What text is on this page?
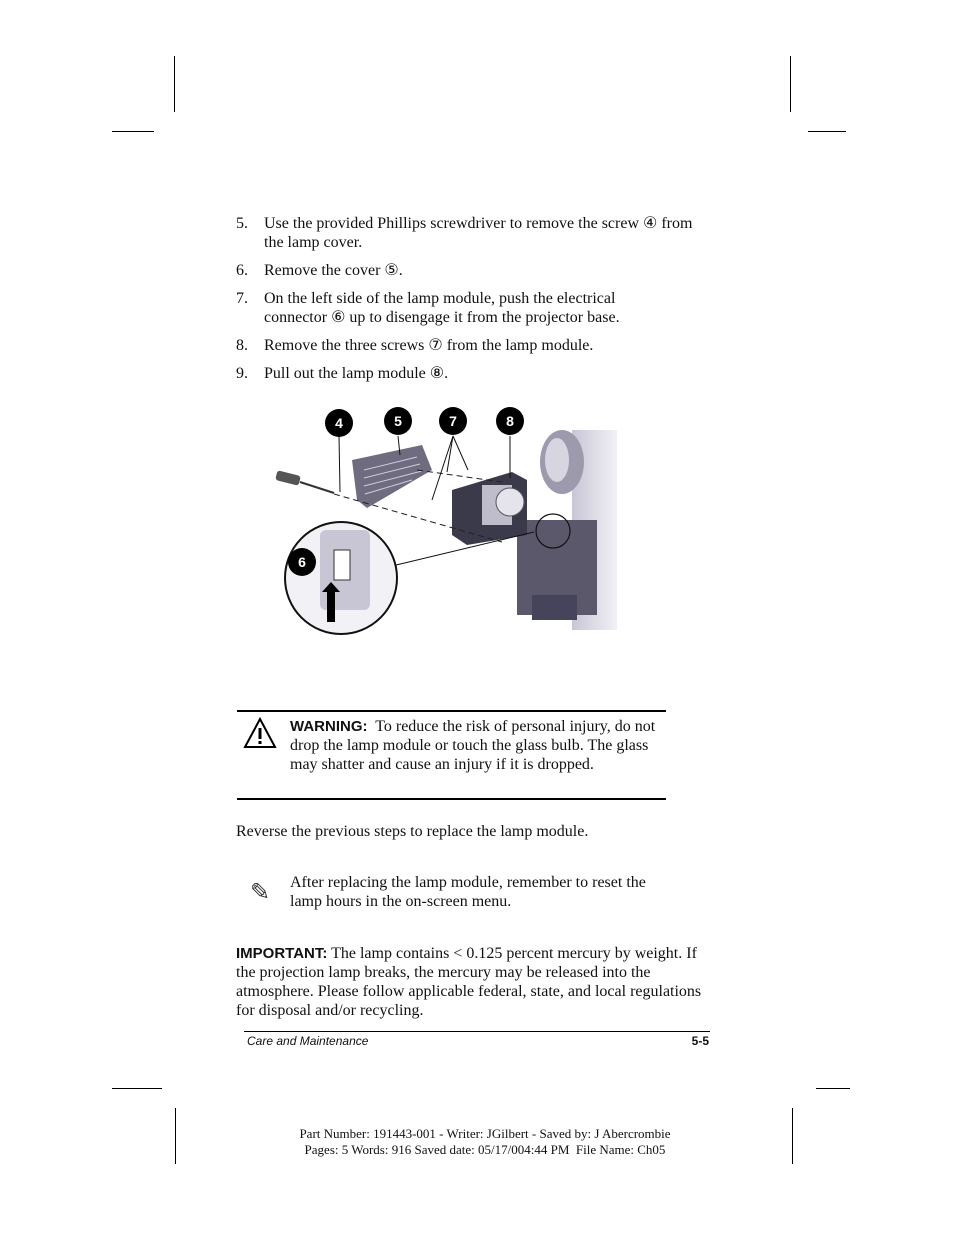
5. Use the provided Phillips screwdriver to remove the screw ④ from the lamp cover.
6. Remove the cover ⑤.
7. On the left side of the lamp module, push the electrical connector ⑥ up to disengage it from the projector base.
8. Remove the three screws ⑦ from the lamp module.
9. Pull out the lamp module ⑧.
4	5	7	8
6
WARNING: To reduce the risk of personal injury, do not drop the lamp module or touch the glass bulb. The glass may shatter and cause an injury if it is dropped.
Reverse the previous steps to replace the lamp module.
✎ After replacing the lamp module, remember to reset the lamp hours in the on-screen menu.
IMPORTANT: The lamp contains < 0.125 percent mercury by weight. If the projection lamp breaks, the mercury may be released into the atmosphere. Please follow applicable federal, state, and local regulations for disposal and/or recycling.
Care and Maintenance	5-5
Part Number: 191443-001 - Writer: JGilbert - Saved by: J Abercrombie
Pages: 5 Words: 916 Saved date: 05/17/004:44 PM  File Name: Ch05
